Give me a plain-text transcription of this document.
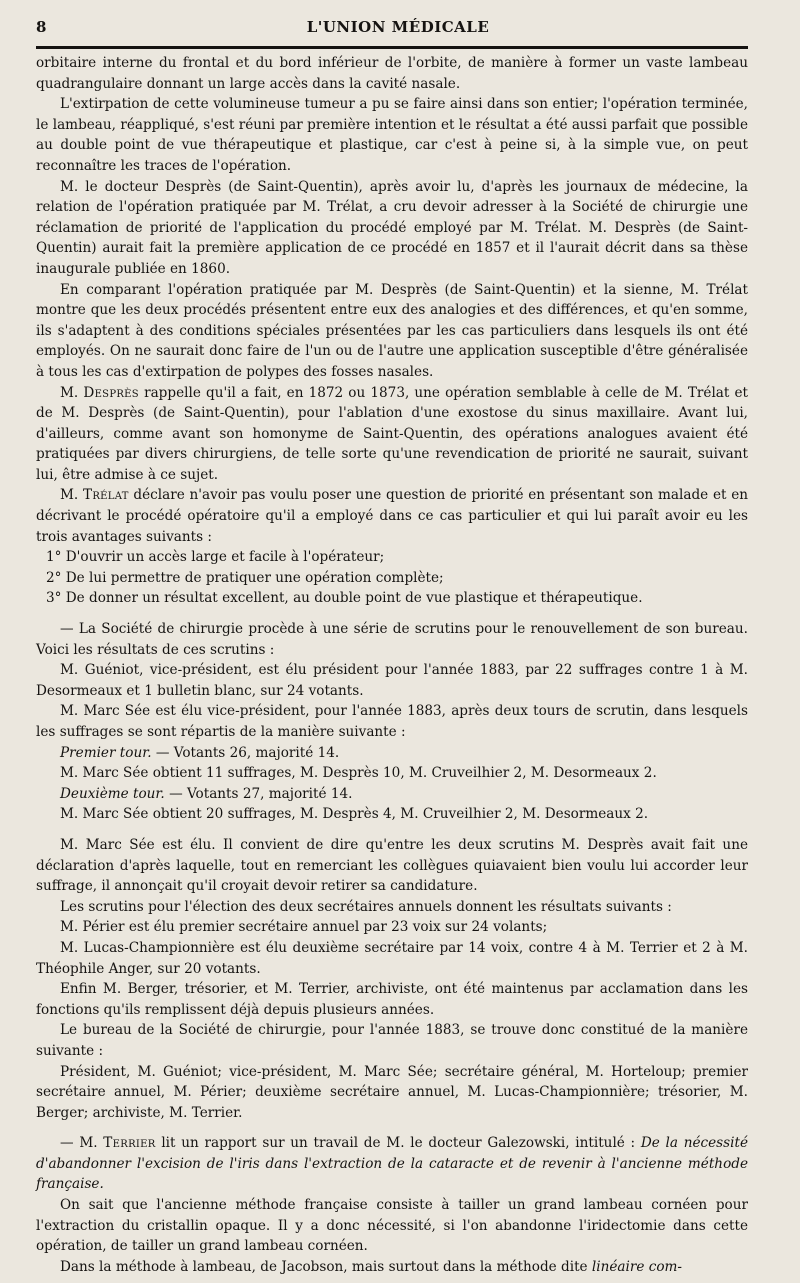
8	L'UNION MÉDICALE

orbitaire interne du frontal et du bord inférieur de l'orbite, de manière à former un vaste lambeau quadrangulaire donnant un large accès dans la cavité nasale.

L'extirpation de cette volumineuse tumeur a pu se faire ainsi dans son entier; l'opération terminée, le lambeau, réappliqué, s'est réuni par première intention et le résultat a été aussi parfait que possible au double point de vue thérapeutique et plastique, car c'est à peine si, à la simple vue, on peut reconnaître les traces de l'opération.

M. le docteur Desprès (de Saint-Quentin), après avoir lu, d'après les journaux de médecine, la relation de l'opération pratiquée par M. Trélat, a cru devoir adresser à la Société de chirurgie une réclamation de priorité de l'application du procédé employé par M. Trélat. M. Desprès (de Saint-Quentin) aurait fait la première application de ce procédé en 1857 et il l'aurait décrit dans sa thèse inaugurale publiée en 1860.

En comparant l'opération pratiquée par M. Desprès (de Saint-Quentin) et la sienne, M. Trélat montre que les deux procédés présentent entre eux des analogies et des différences, et qu'en somme, ils s'adaptent à des conditions spéciales présentées par les cas particuliers dans lesquels ils ont été employés. On ne saurait donc faire de l'un ou de l'autre une application susceptible d'être généralisée à tous les cas d'extirpation de polypes des fosses nasales.

M. Desprès rappelle qu'il a fait, en 1872 ou 1873, une opération semblable à celle de M. Trélat et de M. Desprès (de Saint-Quentin), pour l'ablation d'une exostose du sinus maxillaire. Avant lui, d'ailleurs, comme avant son homonyme de Saint-Quentin, des opérations analogues avaient été pratiquées par divers chirurgiens, de telle sorte qu'une revendication de priorité ne saurait, suivant lui, être admise à ce sujet.

M. Trélat déclare n'avoir pas voulu poser une question de priorité en présentant son malade et en décrivant le procédé opératoire qu'il a employé dans ce cas particulier et qui lui paraît avoir eu les trois avantages suivants :

1° D'ouvrir un accès large et facile à l'opérateur;

2° De lui permettre de pratiquer une opération complète;

3° De donner un résultat excellent, au double point de vue plastique et thérapeutique.

— La Société de chirurgie procède à une série de scrutins pour le renouvellement de son bureau. Voici les résultats de ces scrutins :

M. Guéniot, vice-président, est élu président pour l'année 1883, par 22 suffrages contre 1 à M. Desormeaux et 1 bulletin blanc, sur 24 votants.

M. Marc Sée est élu vice-président, pour l'année 1883, après deux tours de scrutin, dans lesquels les suffrages se sont répartis de la manière suivante :

Premier tour. — Votants 26, majorité 14.

M. Marc Sée obtient 11 suffrages, M. Desprès 10, M. Cruveilhier 2, M. Desormeaux 2.

Deuxième tour. — Votants 27, majorité 14.

M. Marc Sée obtient 20 suffrages, M. Desprès 4, M. Cruveilhier 2, M. Desormeaux 2.

M. Marc Sée est élu. Il convient de dire qu'entre les deux scrutins M. Desprès avait fait une déclaration d'après laquelle, tout en remerciant les collègues quiavaient bien voulu lui accorder leur suffrage, il annonçait qu'il croyait devoir retirer sa candidature.

Les scrutins pour l'élection des deux secrétaires annuels donnent les résultats suivants :

M. Périer est élu premier secrétaire annuel par 23 voix sur 24 volants;

M. Lucas-Championnière est élu deuxième secrétaire par 14 voix, contre 4 à M. Terrier et 2 à M. Théophile Anger, sur 20 votants.

Enfin M. Berger, trésorier, et M. Terrier, archiviste, ont été maintenus par acclamation dans les fonctions qu'ils remplissent déjà depuis plusieurs années.

Le bureau de la Société de chirurgie, pour l'année 1883, se trouve donc constitué de la manière suivante :

Président, M. Guéniot; vice-président, M. Marc Sée; secrétaire général, M. Horteloup; premier secrétaire annuel, M. Périer; deuxième secrétaire annuel, M. Lucas-Championnière; trésorier, M. Berger; archiviste, M. Terrier.

— M. Terrier lit un rapport sur un travail de M. le docteur Galezowski, intitulé : De la nécessité d'abandonner l'excision de l'iris dans l'extraction de la cataracte et de revenir à l'ancienne méthode française.

On sait que l'ancienne méthode française consiste à tailler un grand lambeau cornéen pour l'extraction du cristallin opaque. Il y a donc nécessité, si l'on abandonne l'iridectomie dans cette opération, de tailler un grand lambeau cornéen.

Dans la méthode à lambeau, de Jacobson, mais surtout dans la méthode dite linéaire com-
